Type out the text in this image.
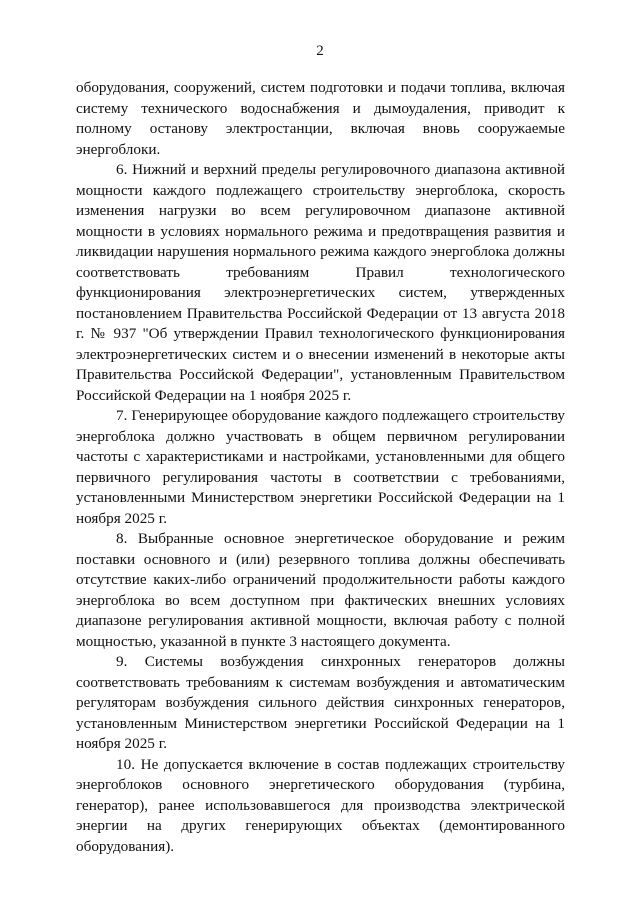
2

оборудования, сооружений, систем подготовки и подачи топлива, включая систему технического водоснабжения и дымоудаления, приводит к полному останову электростанции, включая вновь сооружаемые энергоблоки.

6. Нижний и верхний пределы регулировочного диапазона активной мощности каждого подлежащего строительству энергоблока, скорость изменения нагрузки во всем регулировочном диапазоне активной мощности в условиях нормального режима и предотвращения развития и ликвидации нарушения нормального режима каждого энергоблока должны соответствовать требованиям Правил технологического функционирования электроэнергетических систем, утвержденных постановлением Правительства Российской Федерации от 13 августа 2018 г. № 937 "Об утверждении Правил технологического функционирования электроэнергетических систем и о внесении изменений в некоторые акты Правительства Российской Федерации", установленным Правительством Российской Федерации на 1 ноября 2025 г.

7. Генерирующее оборудование каждого подлежащего строительству энергоблока должно участвовать в общем первичном регулировании частоты с характеристиками и настройками, установленными для общего первичного регулирования частоты в соответствии с требованиями, установленными Министерством энергетики Российской Федерации на 1 ноября 2025 г.

8. Выбранные основное энергетическое оборудование и режим поставки основного и (или) резервного топлива должны обеспечивать отсутствие каких-либо ограничений продолжительности работы каждого энергоблока во всем доступном при фактических внешних условиях диапазоне регулирования активной мощности, включая работу с полной мощностью, указанной в пункте 3 настоящего документа.

9. Системы возбуждения синхронных генераторов должны соответствовать требованиям к системам возбуждения и автоматическим регуляторам возбуждения сильного действия синхронных генераторов, установленным Министерством энергетики Российской Федерации на 1 ноября 2025 г.

10. Не допускается включение в состав подлежащих строительству энергоблоков основного энергетического оборудования (турбина, генератор), ранее использовавшегося для производства электрической энергии на других генерирующих объектах (демонтированного оборудования).
